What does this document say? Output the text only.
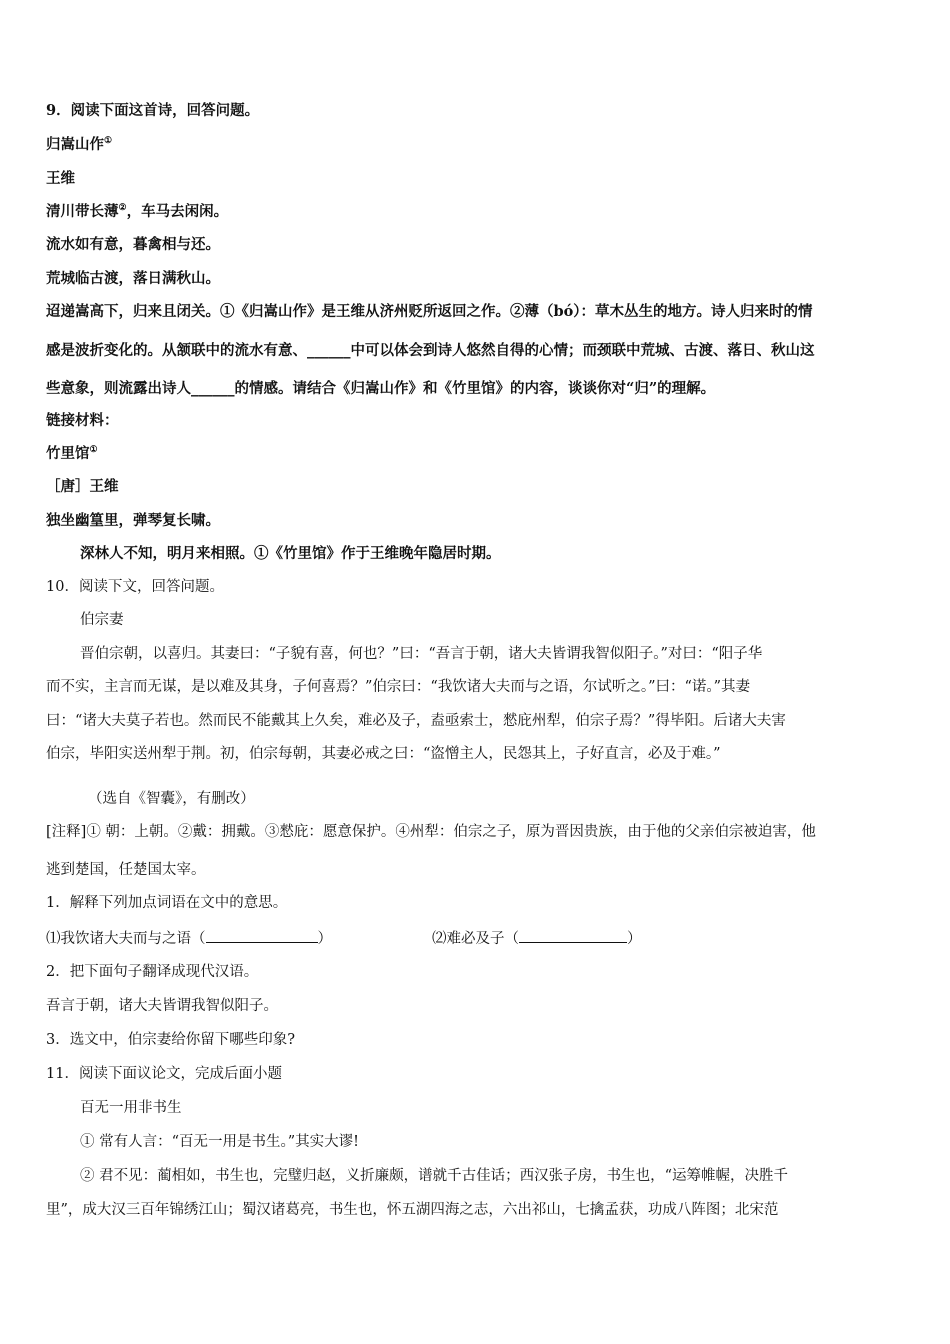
9．阅读下面这首诗，回答问题。
归嵩山作①
王维
清川带长薄②，车马去闲闲。
流水如有意，暮禽相与还。
荒城临古渡，落日满秋山。
迢递嵩高下，归来且闭关。①《归嵩山作》是王维从济州贬所返回之作。②薄（bó）：草木丛生的地方。诗人归来时的情
感是波折变化的。从颔联中的流水有意、______中可以体会到诗人悠然自得的心情；而颈联中荒城、古渡、落日、秋山这
些意象，则流露出诗人______的情感。请结合《归嵩山作》和《竹里馆》的内容，谈谈你对“归”的理解。
链接材料：
竹里馆①
［唐］王维
独坐幽篁里，弹琴复长啸。
深林人不知，明月来相照。①《竹里馆》作于王维晚年隐居时期。
10．阅读下文，回答问题。
伯宗妻
晋伯宗朝，以喜归。其妻曰：“子貌有喜，何也？”曰：“吾言于朝，诸大夫皆谓我智似阳子。”对曰：“阳子华
而不实，主言而无谋，是以难及其身，子何喜焉？”伯宗曰：“我饮诸大夫而与之语，尔试听之。”曰：“诺。”其妻
曰：“诸大夫莫子若也。然而民不能戴其上久矣，难必及子，盍亟索士，憖庇州犁，伯宗子焉？”得毕阳。后诸大夫害
伯宗，毕阳实送州犁于荆。初，伯宗每朝，其妻必戒之曰：“盗憎主人，民怨其上，子好直言，必及于难。”
（选自《智囊》，有删改）
[注释]① 朝：上朝。②戴：拥戴。③憖庇：愿意保护。④州犁：伯宗之子，原为晋因贵族，由于他的父亲伯宗被迫害，他
逃到楚国，任楚国太宰。
1．解释下列加点词语在文中的意思。
⑴我饮诸大夫而与之语（	）	⑵难必及子（	）
2．把下面句子翻译成现代汉语。
吾言于朝，诸大夫皆谓我智似阳子。
3．选文中，伯宗妻给你留下哪些印象?
11．阅读下面议论文，完成后面小题
百无一用非书生
① 常有人言：“百无一用是书生。”其实大谬!
② 君不见：蔺相如，书生也，完璧归赵，义折廉颇，谱就千古佳话；西汉张子房，书生也，“运筹帷幄，决胜千
里”，成大汉三百年锦绣江山；蜀汉诸葛亮，书生也，怀五湖四海之志，六出祁山，七擒孟获，功成八阵图；北宋范
